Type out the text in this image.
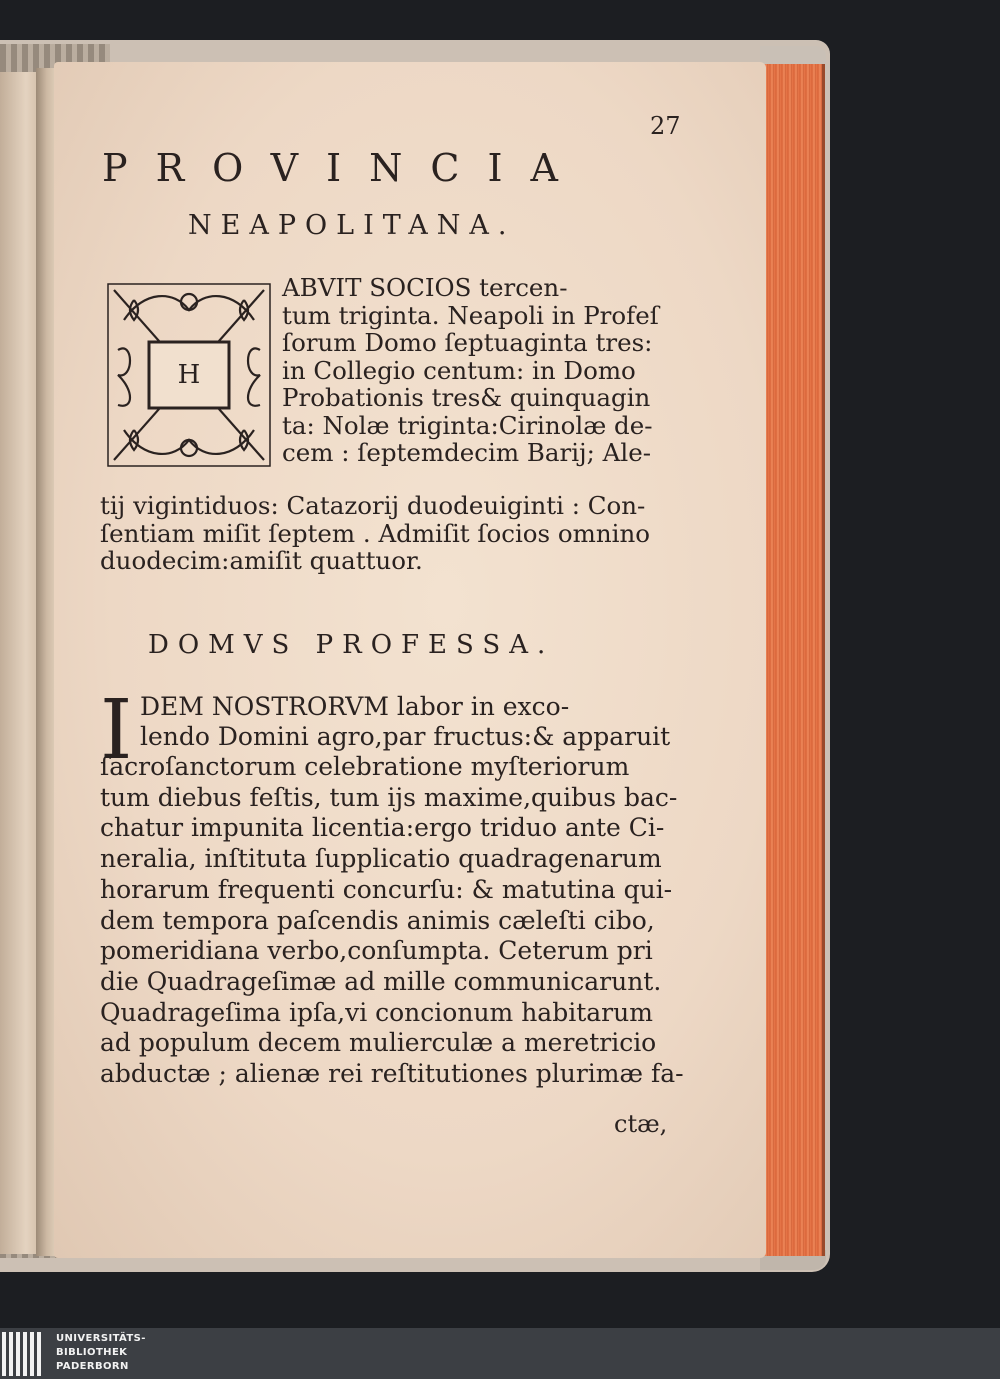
27
PROVINCIA
NEAPOLITANA.
H
ABVIT SOCIOS tercen-
tum triginta. Neapoli in Profeſ
ſorum Domo ſeptuaginta tres:
in Collegio centum: in Domo
Probationis tres& quinquagin
ta: Nolæ triginta:Cirinolæ de-
cem : ſeptemdecim Barij; Ale-
tij vigintiduos: Catazorij duodeuiginti : Con-
ſentiam miſit ſeptem . Admiſit ſocios omnino
duodecim:amiſit quattuor.
DOMVS PROFESSA.
I DEM NOSTRORVM labor in exco-
lendo Domini agro,par fructus:& apparuit
ſacroſanctorum celebratione myſteriorum
tum diebus feſtis, tum ijs maxime,quibus bac-
chatur impunita licentia:ergo triduo ante Ci-
neralia, inſtituta ſupplicatio quadragenarum
horarum frequenti concurſu: & matutina qui-
dem tempora paſcendis animis cæleſti cibo,
pomeridiana verbo,conſumpta. Ceterum pri
die Quadrageſimæ ad mille communicarunt.
Quadrageſima ipſa,vi concionum habitarum
ad populum decem mulierculæ a meretricio
abductæ ; alienæ rei reſtitutiones plurimæ fa-
ctæ,
UNIVERSITÄTS-
BIBLIOTHEK
PADERBORN
